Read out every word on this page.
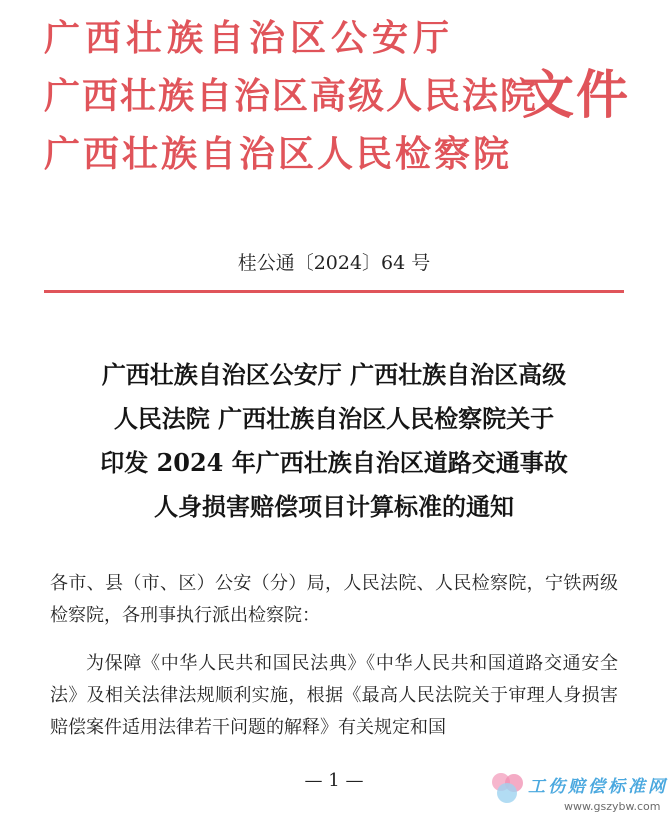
广西壮族自治区公安厅
广西壮族自治区高级人民法院
广西壮族自治区人民检察院
文件
桂公通〔2024〕64 号
广西壮族自治区公安厅 广西壮族自治区高级
人民法院 广西壮族自治区人民检察院关于
印发 2024 年广西壮族自治区道路交通事故
人身损害赔偿项目计算标准的通知

各市、县（市、区）公安（分）局，人民法院、人民检察院，宁铁两级检察院，各刑事执行派出检察院：

为保障《中华人民共和国民法典》《中华人民共和国道路交通安全法》及相关法律法规顺利实施，根据《最高人民法院关于审理人身损害赔偿案件适用法律若干问题的解释》有关规定和国

— 1 —	工伤赔偿标准网
www.gszybw.com
